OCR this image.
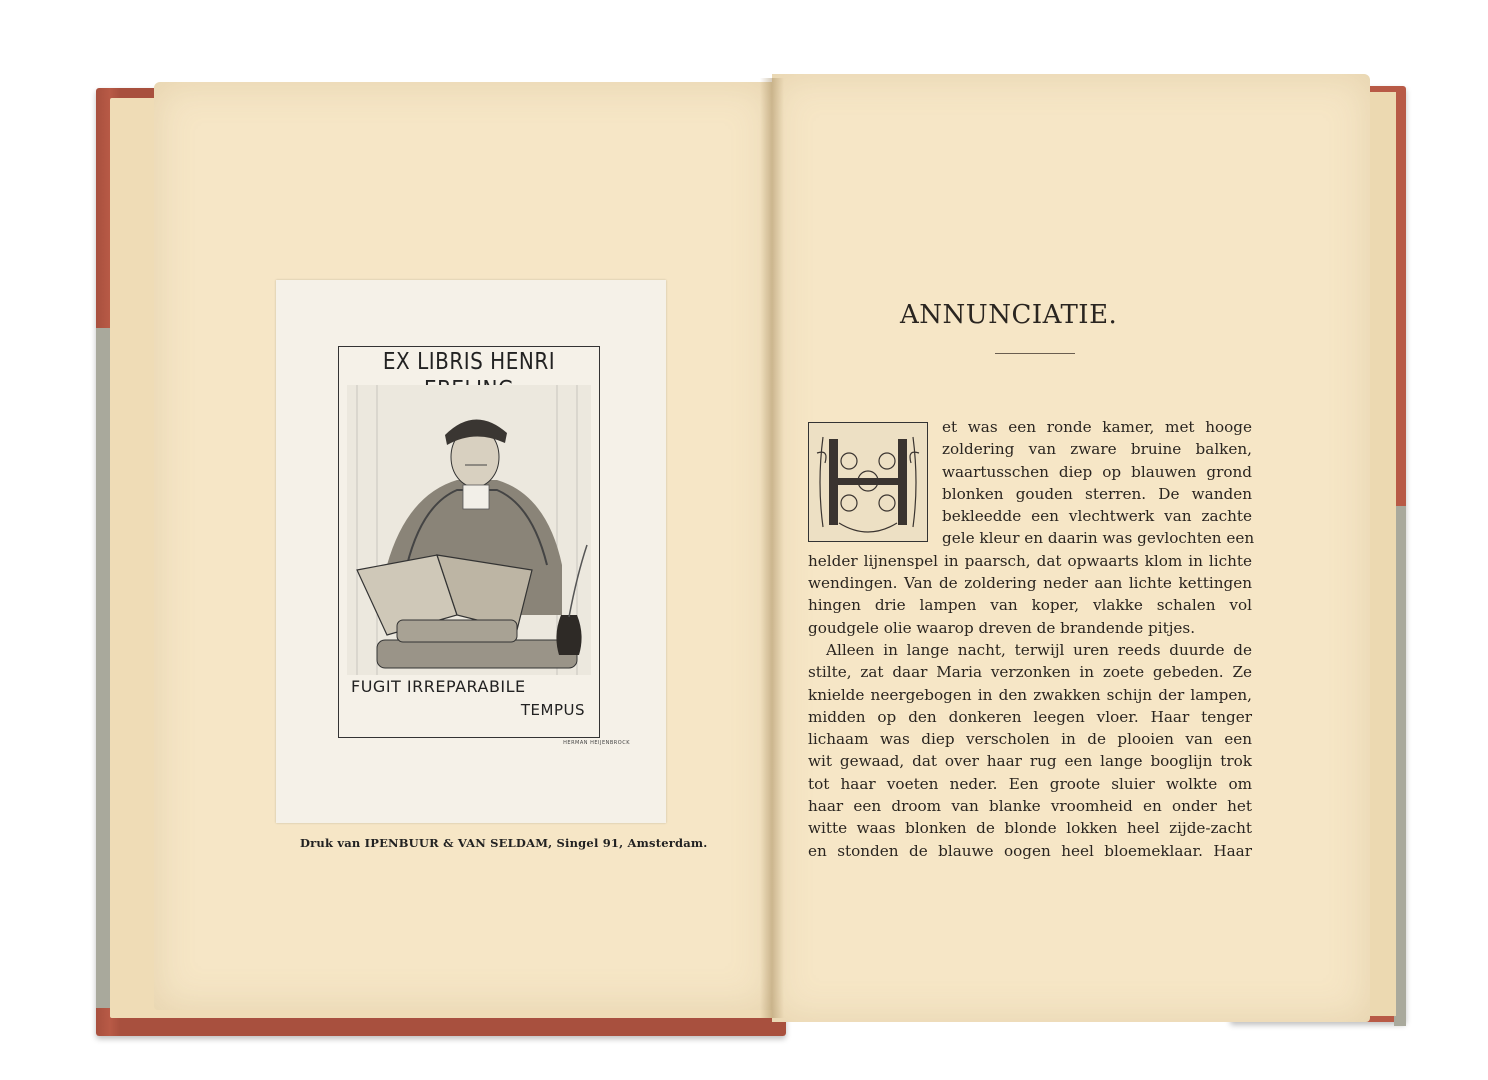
EX LIBRIS HENRI
FUGIT IRREPARABILE
TEMPUS
HERMAN HEIJENBROCK
Druk van IPENBUUR & VAN SELDAM, Singel 91, Amsterdam.
ANNUNCIATIE.
et was een ronde kamer, met hooge
zoldering van zware bruine balken,
waartusschen diep op blauwen grond
blonken gouden sterren. De wanden
bekleedde een vlechtwerk van zachte
gele kleur en daarin was gevlochten een
helder lijnenspel in paarsch, dat opwaarts klom in lichte
wendingen. Van de zoldering neder aan lichte kettingen
hingen drie lampen van koper, vlakke schalen vol
goudgele olie waarop dreven de brandende pitjes.
Alleen in lange nacht, terwijl uren reeds duurde de
stilte, zat daar Maria verzonken in zoete gebeden. Ze
knielde neergebogen in den zwakken schijn der lampen,
midden op den donkeren leegen vloer. Haar tenger
lichaam was diep verscholen in de plooien van een
wit gewaad, dat over haar rug een lange booglijn trok
tot haar voeten neder. Een groote sluier wolkte om
haar een droom van blanke vroomheid en onder het
witte waas blonken de blonde lokken heel zijde-zacht
en stonden de blauwe oogen heel bloemeklaar. Haar
